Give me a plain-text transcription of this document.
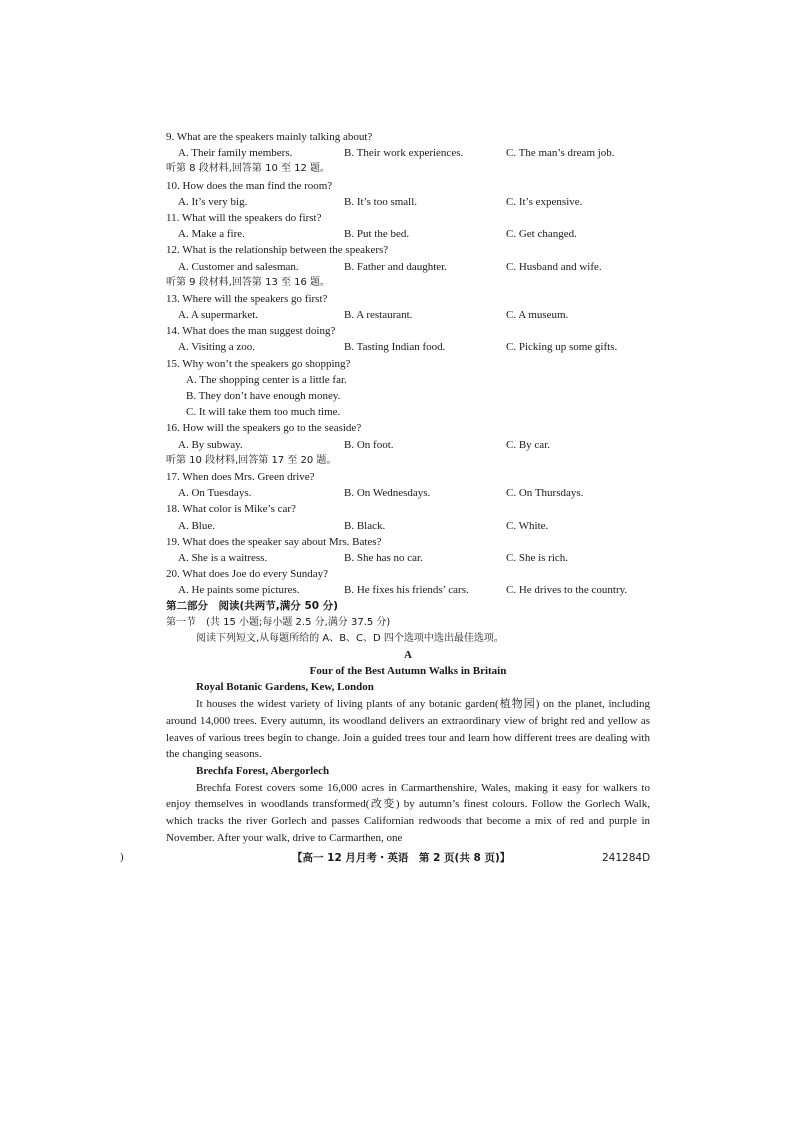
9. What are the speakers mainly talking about?
A. Their family members.	B. Their work experiences.	C. The man’s dream job.
听第 8 段材料,回答第 10 至 12 题。
10. How does the man find the room?
A. It’s very big.	B. It’s too small.	C. It’s expensive.
11. What will the speakers do first?
A. Make a fire.	B. Put the bed.	C. Get changed.
12. What is the relationship between the speakers?
A. Customer and salesman.	B. Father and daughter.	C. Husband and wife.
听第 9 段材料,回答第 13 至 16 题。
13. Where will the speakers go first?
A. A supermarket.	B. A restaurant.	C. A museum.
14. What does the man suggest doing?
A. Visiting a zoo.	B. Tasting Indian food.	C. Picking up some gifts.
15. Why won’t the speakers go shopping?
A. The shopping center is a little far.
B. They don’t have enough money.
C. It will take them too much time.
16. How will the speakers go to the seaside?
A. By subway.	B. On foot.	C. By car.
听第 10 段材料,回答第 17 至 20 题。
17. When does Mrs. Green drive?
A. On Tuesdays.	B. On Wednesdays.	C. On Thursdays.
18. What color is Mike’s car?
A. Blue.	B. Black.	C. White.
19. What does the speaker say about Mrs. Bates?
A. She is a waitress.	B. She has no car.	C. She is rich.
20. What does Joe do every Sunday?
A. He paints some pictures.	B. He fixes his friends’ cars.	C. He drives to the country.
第二部分　阅读(共两节,满分 50 分)
第一节　(共 15 小题;每小题 2.5 分,满分 37.5 分)
阅读下列短文,从每题所给的 A、B、C、D 四个选项中选出最佳选项。
A
Four of the Best Autumn Walks in Britain
Royal Botanic Gardens, Kew, London
It houses the widest variety of living plants of any botanic garden(植物园) on the planet, including around 14,000 trees. Every autumn, its woodland delivers an extraordinary view of bright red and yellow as leaves of various trees begin to change. Join a guided trees tour and learn how different trees are dealing with the changing seasons.
Brechfa Forest, Abergorlech
Brechfa Forest covers some 16,000 acres in Carmarthenshire, Wales, making it easy for walkers to enjoy themselves in woodlands transformed(改变) by autumn’s finest colours. Follow the Gorlech Walk, which tracks the river Gorlech and passes Californian redwoods that become a mix of red and purple in November. After your walk, drive to Carmarthen, one
)	【高一 12 月月考・英语　第 2 页(共 8 页)】	241284D
